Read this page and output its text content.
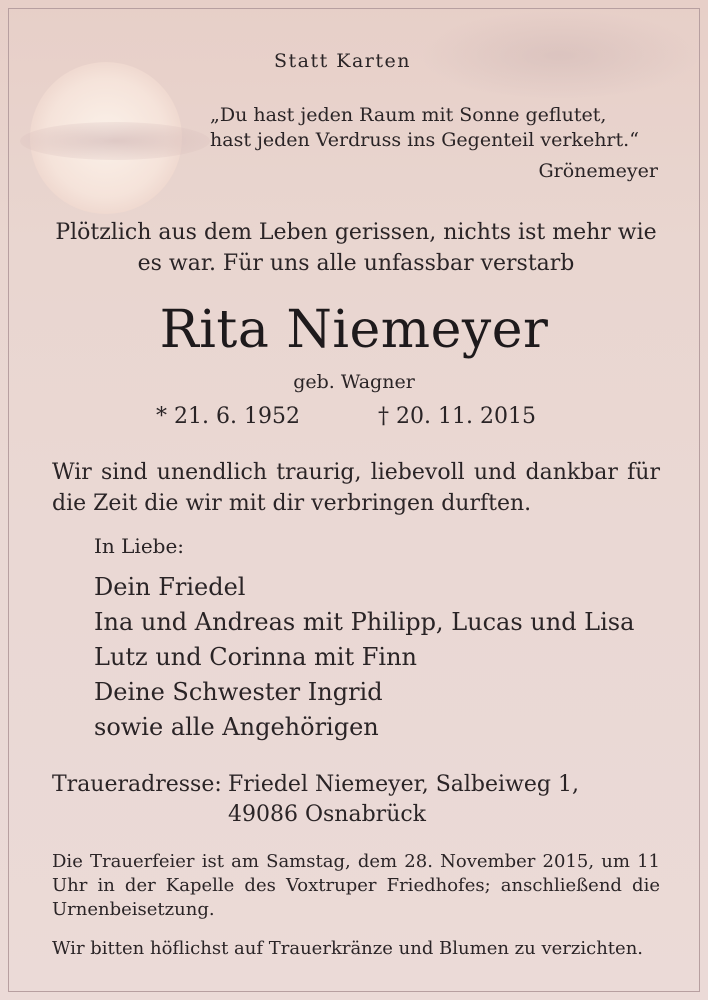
Statt Karten
„Du hast jeden Raum mit Sonne geflutet,
hast jeden Verdruss ins Gegenteil verkehrt.“
Grönemeyer
Plötzlich aus dem Leben gerissen, nichts ist mehr wie es war. Für uns alle unfassbar verstarb
Rita Niemeyer
geb. Wagner
* 21. 6. 1952	† 20. 11. 2015
Wir sind unendlich traurig, liebevoll und dankbar für die Zeit die wir mit dir verbringen durften.
In Liebe:
Dein Friedel
Ina und Andreas mit Philipp, Lucas und Lisa
Lutz und Corinna mit Finn
Deine Schwester Ingrid
sowie alle Angehörigen
Traueradresse: Friedel Niemeyer, Salbeiweg 1,
49086 Osnabrück
Die Trauerfeier ist am Samstag, dem 28. November 2015, um 11 Uhr in der Kapelle des Voxtruper Friedhofes; anschließend die Urnenbeisetzung.
Wir bitten höflichst auf Trauerkränze und Blumen zu verzichten.
